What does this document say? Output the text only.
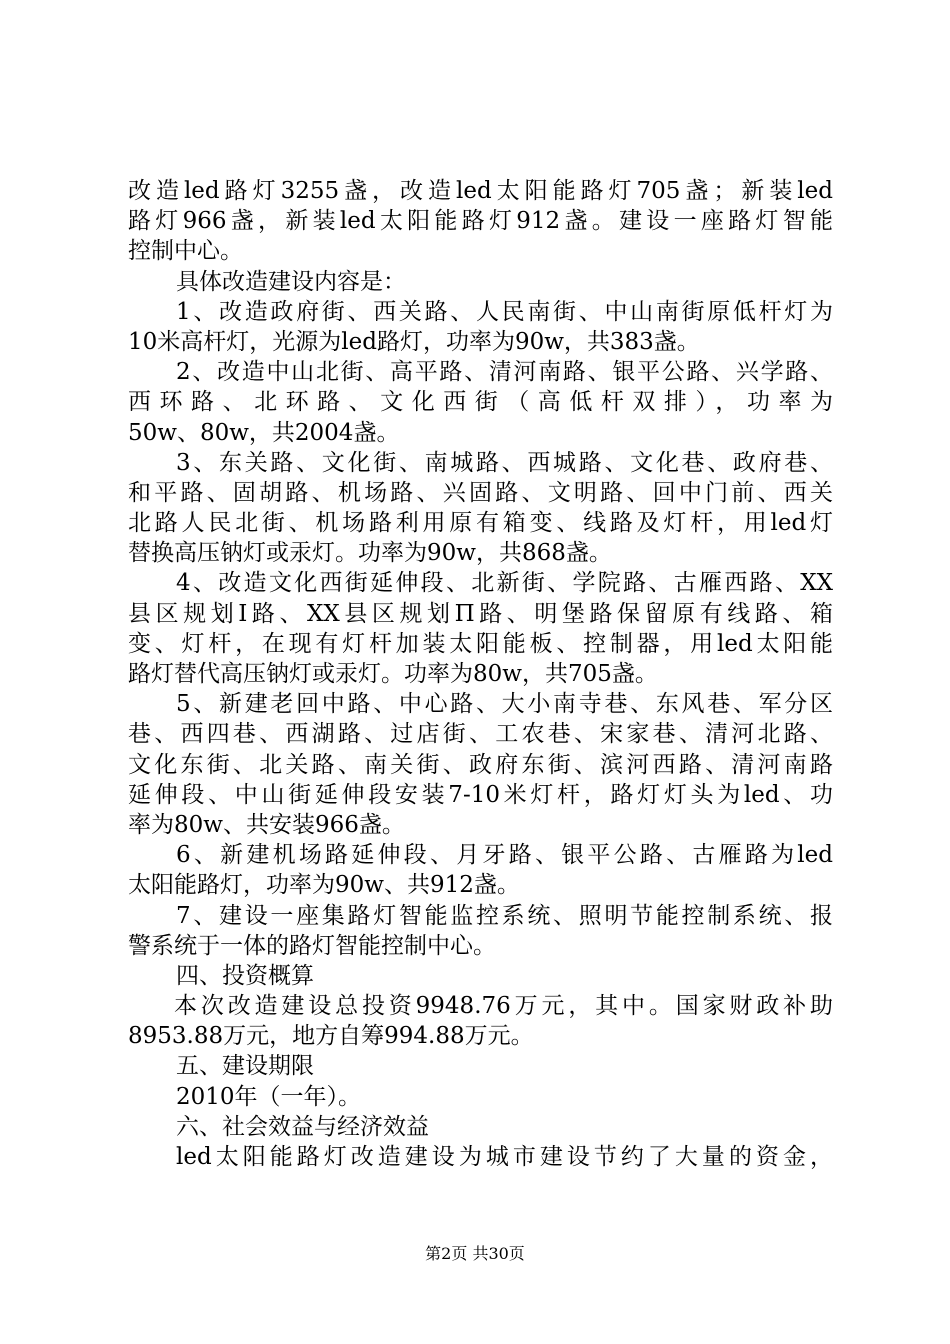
改造led路灯3255盏，改造led太阳能路灯705盏；新装led
路灯966盏，新装led太阳能路灯912盏。建设一座路灯智能
控制中心。
具体改造建设内容是：
1、改造政府街、西关路、人民南街、中山南街原低杆灯为
10米高杆灯，光源为led路灯，功率为90w，共383盏。
2、改造中山北街、高平路、清河南路、银平公路、兴学路、
西环路、北环路、文化西街（高低杆双排），功率为
50w、80w，共2004盏。
3、东关路、文化街、南城路、西城路、文化巷、政府巷、
和平路、固胡路、机场路、兴固路、文明路、回中门前、西关
北路人民北街、机场路利用原有箱变、线路及灯杆，用led灯
替换高压钠灯或汞灯。功率为90w，共868盏。
4、改造文化西街延伸段、北新街、学院路、古雁西路、XX
县区规划Ⅰ路、XX县区规划Π路、明堡路保留原有线路、箱
变、灯杆，在现有灯杆加装太阳能板、控制器，用led太阳能
路灯替代高压钠灯或汞灯。功率为80w，共705盏。
5、新建老回中路、中心路、大小南寺巷、东风巷、军分区
巷、西四巷、西湖路、过店街、工农巷、宋家巷、清河北路、
文化东街、北关路、南关街、政府东街、滨河西路、清河南路
延伸段、中山街延伸段安装7-10米灯杆，路灯灯头为led、功
率为80w、共安装966盏。
6、新建机场路延伸段、月牙路、银平公路、古雁路为led
太阳能路灯，功率为90w、共912盏。
7、建设一座集路灯智能监控系统、照明节能控制系统、报
警系统于一体的路灯智能控制中心。
四、投资概算
本次改造建设总投资9948.76万元，其中。国家财政补助
8953.88万元，地方自筹994.88万元。
五、建设期限
2010年（一年）。
六、社会效益与经济效益
led太阳能路灯改造建设为城市建设节约了大量的资金，
第2页 共30页
